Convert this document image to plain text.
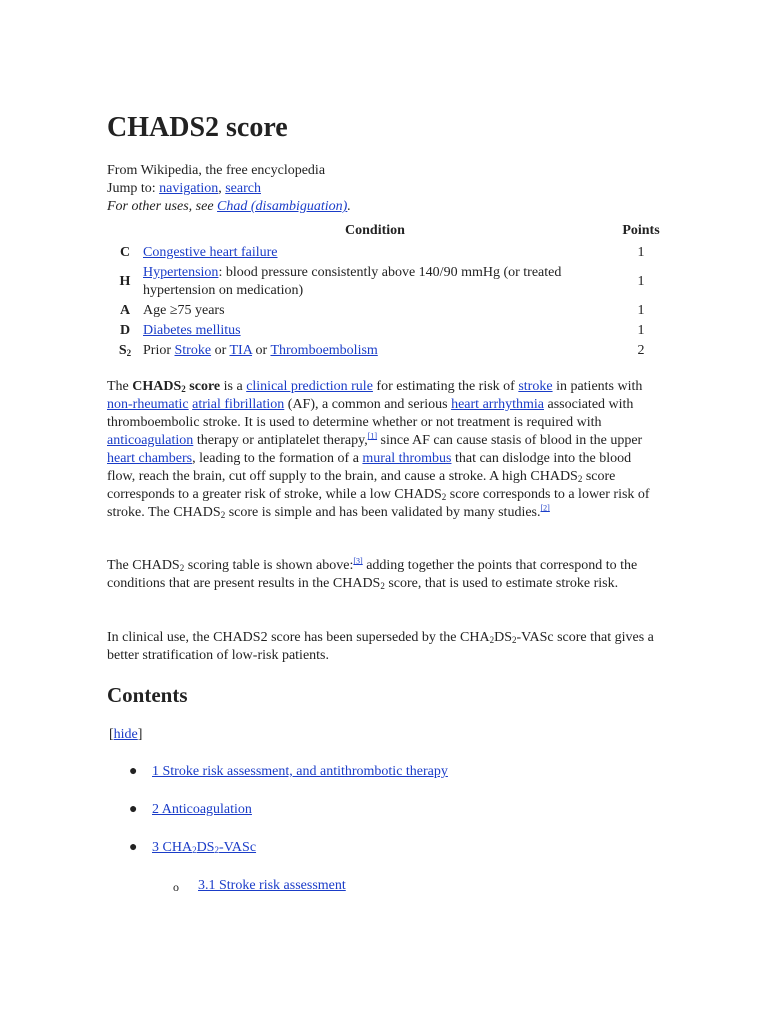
CHADS2 score
From Wikipedia, the free encyclopedia
Jump to: navigation, search
For other uses, see Chad (disambiguation).
	Condition	Points
C	Congestive heart failure	1
H	Hypertension: blood pressure consistently above 140/90 mmHg (or treated hypertension on medication)	1
A	Age ≥75 years	1
D	Diabetes mellitus	1
$S_2$	Prior Stroke or TIA or Thromboembolism	2

The $CHADS_2$ score is a clinical prediction rule for estimating the risk of stroke in patients with non-rheumatic atrial fibrillation (AF), a common and serious heart arrhythmia associated with thromboembolic stroke. It is used to determine whether or not treatment is required with anticoagulation therapy or antiplatelet therapy,[1] since AF can cause stasis of blood in the upper heart chambers, leading to the formation of a mural thrombus that can dislodge into the blood flow, reach the brain, cut off supply to the brain, and cause a stroke. A high $CHADS_2$ score corresponds to a greater risk of stroke, while a low $CHADS_2$ score corresponds to a lower risk of stroke. The $CHADS_2$ score is simple and has been validated by many studies.[2]

The $CHADS_2$ scoring table is shown above:[3] adding together the points that correspond to the conditions that are present results in the $CHADS_2$ score, that is used to estimate stroke risk.

In clinical use, the CHADS2 score has been superseded by the $CHA_2DS_2$-VASc score that gives a better stratification of low-risk patients.

Contents
[hide]
● 1 Stroke risk assessment, and antithrombotic therapy
● 2 Anticoagulation
● 3 $CHA_2DS_2$-VASc
o 3.1 Stroke risk assessment
